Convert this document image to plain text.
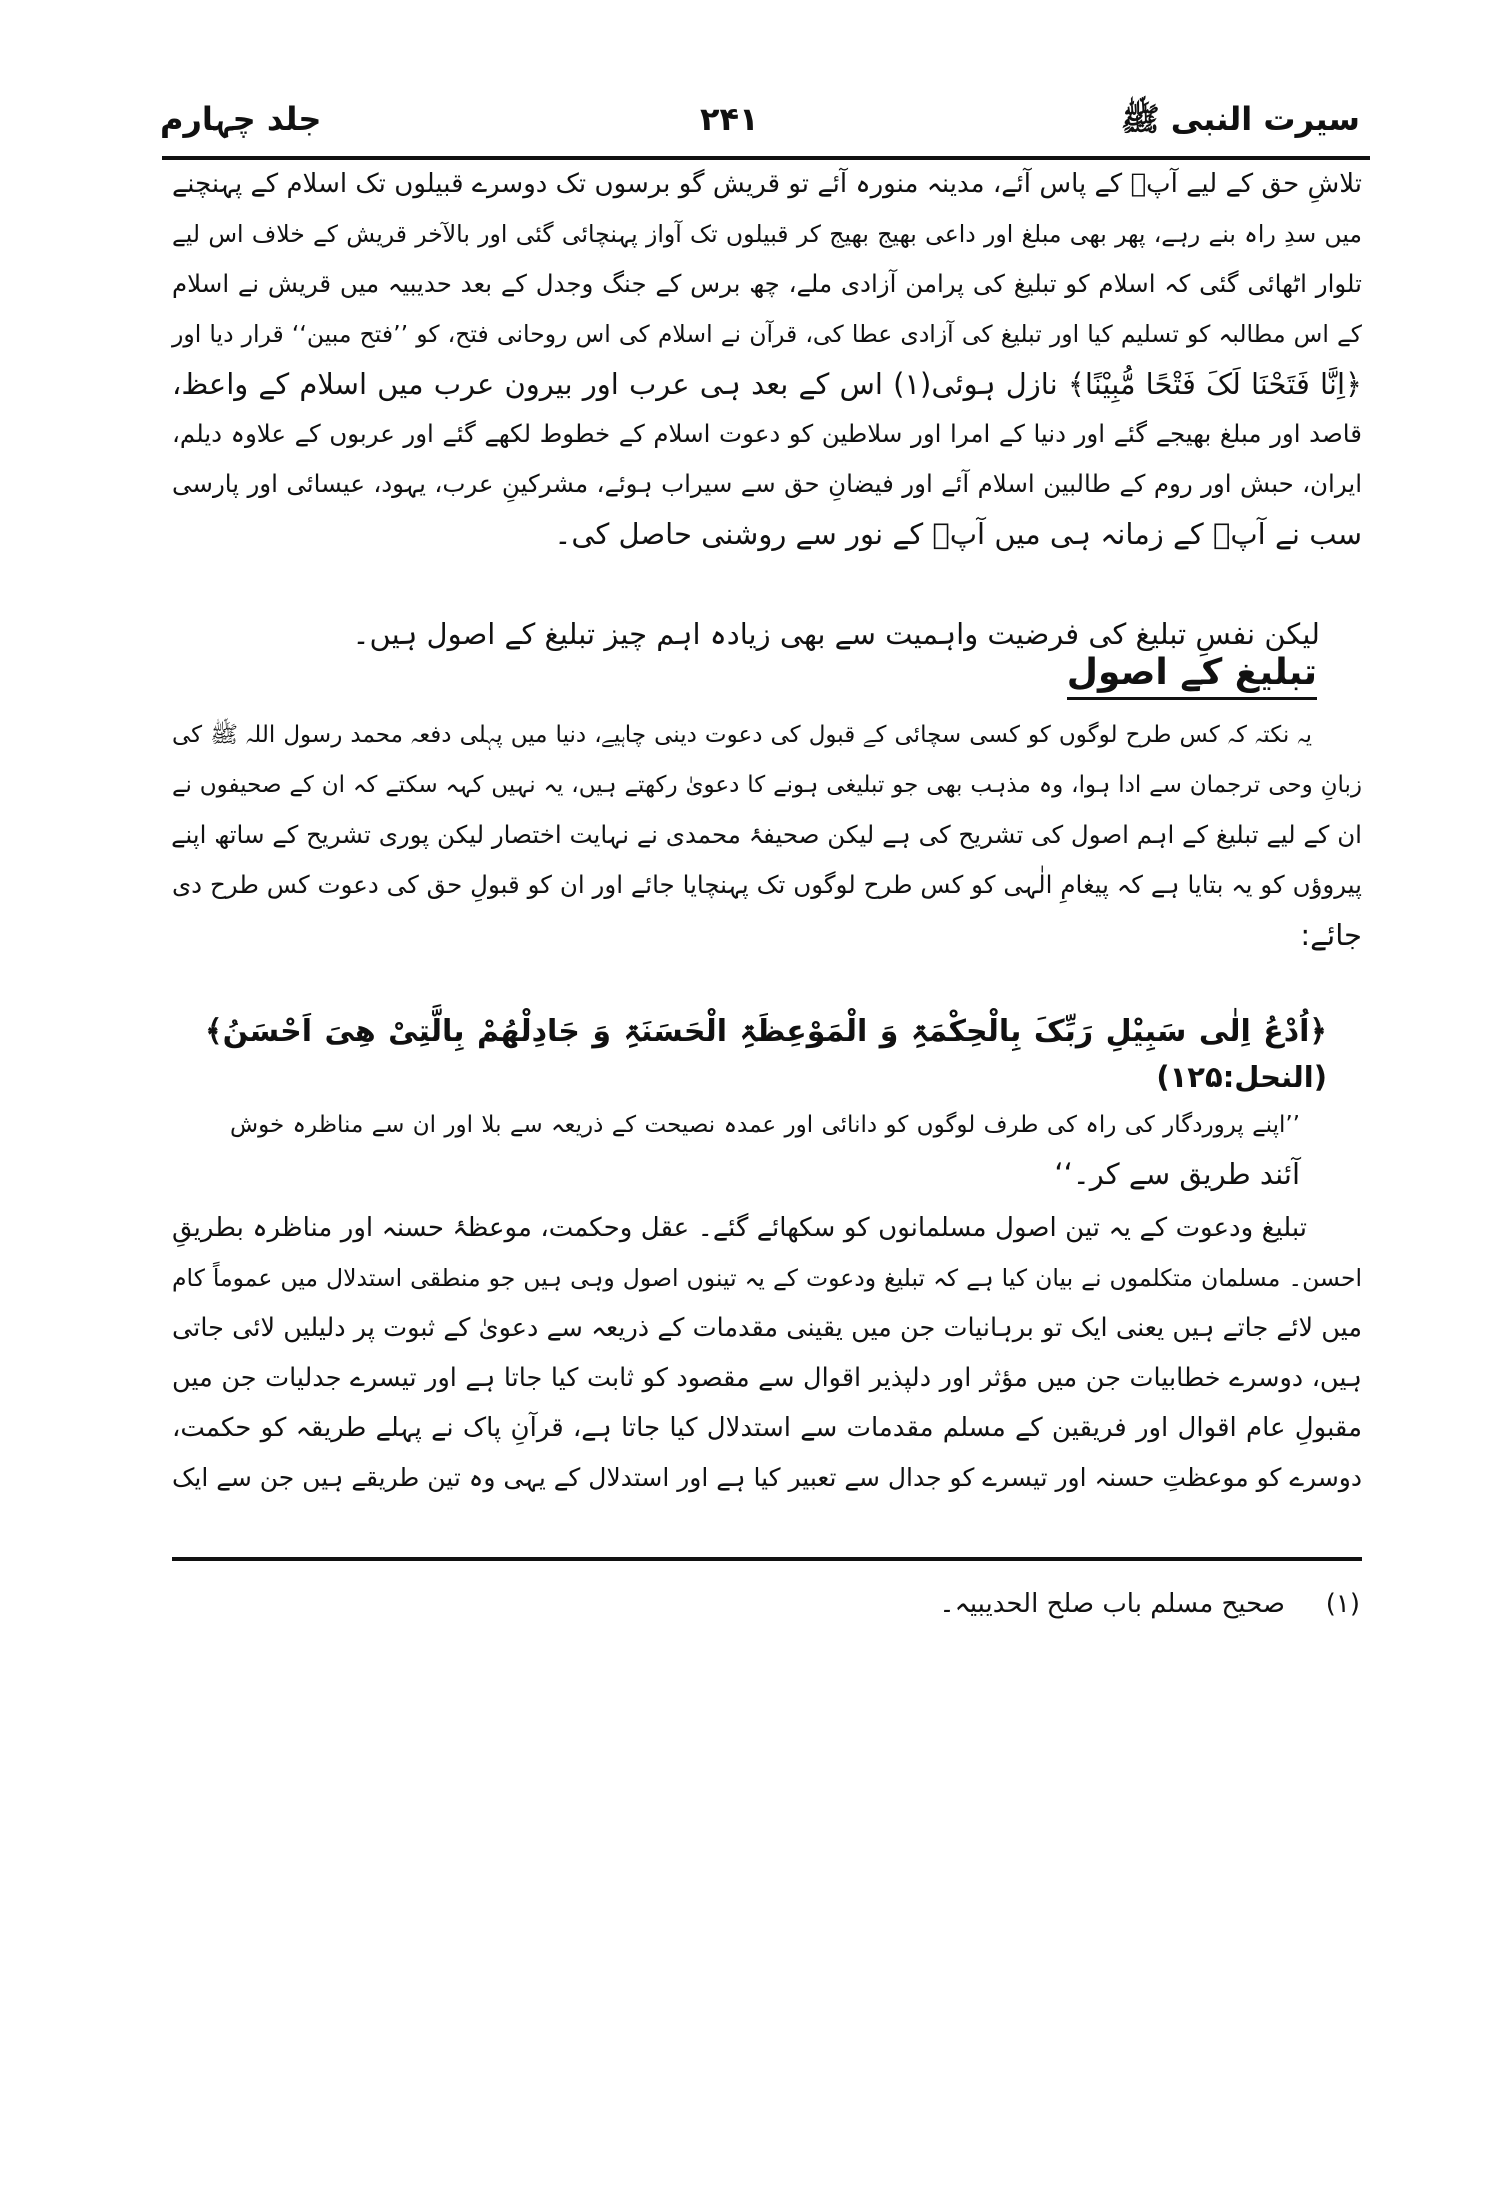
سیرت النبی ﷺ
۲۴۱
جلد چہارم
تلاشِ حق کے لیے آپؐ کے پاس آئے، مدینہ منورہ آئے تو قریش گو برسوں تک دوسرے قبیلوں تک اسلام کے پہنچنے
میں سدِ راہ بنے رہے، پھر بھی مبلغ اور داعی بھیج بھیج کر قبیلوں تک آواز پہنچائی گئی اور بالآخر قریش کے خلاف اس لیے
تلوار اٹھائی گئی کہ اسلام کو تبلیغ کی پرامن آزادی ملے، چھ برس کے جنگ وجدل کے بعد حدیبیہ میں قریش نے اسلام
کے اس مطالبہ کو تسلیم کیا اور تبلیغ کی آزادی عطا کی، قرآن نے اسلام کی اس روحانی فتح، کو ’’فتح مبین‘‘ قرار دیا اور
﴿اِنَّا فَتَحْنَا لَکَ فَتْحًا مُّبِیْنًا﴾ نازل ہوئی(۱) اس کے بعد ہی عرب اور بیرون عرب میں اسلام کے واعظ،
قاصد اور مبلغ بھیجے گئے اور دنیا کے امرا اور سلاطین کو دعوت اسلام کے خطوط لکھے گئے اور عربوں کے علاوہ دیلم،
ایران، حبش اور روم کے طالبین اسلام آئے اور فیضانِ حق سے سیراب ہوئے، مشرکینِ عرب، یہود، عیسائی اور پارسی
سب نے آپؐ کے زمانہ ہی میں آپؐ کے نور سے روشنی حاصل کی۔
لیکن نفسِ تبلیغ کی فرضیت واہمیت سے بھی زیادہ اہم چیز تبلیغ کے اصول ہیں۔
تبلیغ کے اصول
یہ نکتہ کہ کس طرح لوگوں کو کسی سچائی کے قبول کی دعوت دینی چاہیے، دنیا میں پہلی دفعہ محمد رسول اللہ ﷺ کی
زبانِ وحی ترجمان سے ادا ہوا، وہ مذہب بھی جو تبلیغی ہونے کا دعویٰ رکھتے ہیں، یہ نہیں کہہ سکتے کہ ان کے صحیفوں نے
ان کے لیے تبلیغ کے اہم اصول کی تشریح کی ہے لیکن صحیفۂ محمدی نے نہایت اختصار لیکن پوری تشریح کے ساتھ اپنے
پیروؤں کو یہ بتایا ہے کہ پیغامِ الٰہی کو کس طرح لوگوں تک پہنچایا جائے اور ان کو قبولِ حق کی دعوت کس طرح دی
جائے:
﴿اُدْعُ اِلٰی سَبِیْلِ رَبِّکَ بِالْحِکْمَۃِ وَ الْمَوْعِظَۃِ الْحَسَنَۃِ وَ جَادِلْھُمْ بِالَّتِیْ ھِیَ اَحْسَنُ﴾
(النحل:۱۲۵)
’’اپنے پروردگار کی راہ کی طرف لوگوں کو دانائی اور عمدہ نصیحت کے ذریعہ سے بلا اور ان سے مناظرہ خوش
آئند طریق سے کر۔‘‘
تبلیغ ودعوت کے یہ تین اصول مسلمانوں کو سکھائے گئے۔ عقل وحکمت، موعظۂ حسنہ اور مناظرہ بطریقِ
احسن۔ مسلمان متکلموں نے بیان کیا ہے کہ تبلیغ ودعوت کے یہ تینوں اصول وہی ہیں جو منطقی استدلال میں عموماً کام
میں لائے جاتے ہیں یعنی ایک تو برہانیات جن میں یقینی مقدمات کے ذریعہ سے دعویٰ کے ثبوت پر دلیلیں لائی جاتی
ہیں، دوسرے خطابیات جن میں مؤثر اور دلپذیر اقوال سے مقصود کو ثابت کیا جاتا ہے اور تیسرے جدلیات جن میں
مقبولِ عام اقوال اور فریقین کے مسلم مقدمات سے استدلال کیا جاتا ہے، قرآنِ پاک نے پہلے طریقہ کو حکمت،
دوسرے کو موعظتِ حسنہ اور تیسرے کو جدال سے تعبیر کیا ہے اور استدلال کے یہی وہ تین طریقے ہیں جن سے ایک
(۱)
صحیح مسلم باب صلح الحدیبیہ۔
